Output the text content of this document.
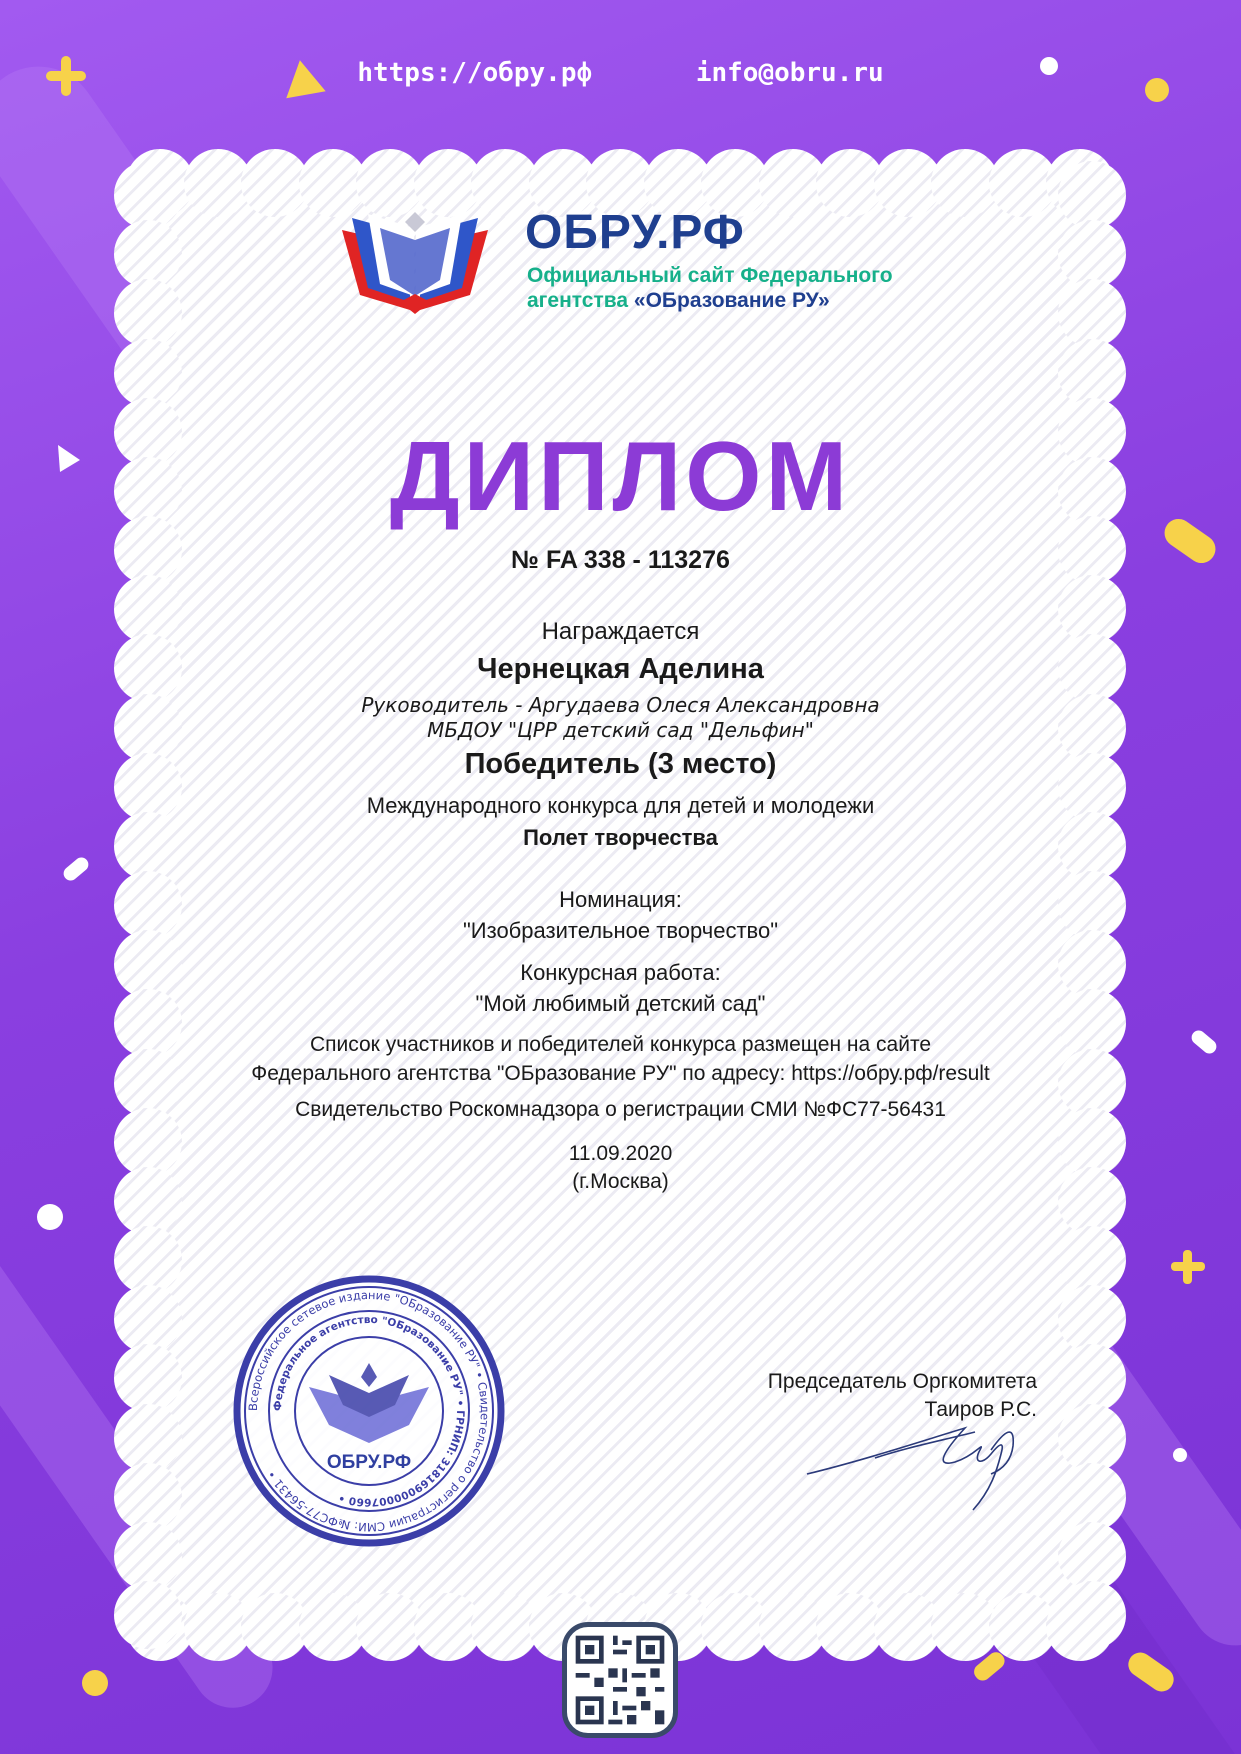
https://обру.рф	info@obru.ru
ОБРУ.РФ
Официальный сайт Федерального
агентства «ОБразование РУ»
ДИПЛОМ
№ FA 338 - 113276
Награждается
Чернецкая Аделина
Руководитель - Аргудаева Олеся Александровна
МБДОУ "ЦРР детский сад "Дельфин"
Победитель (3 место)
Международного конкурса для детей и молодежи
Полет творчества
Номинация:
"Изобразительное творчество"
Конкурсная работа:
"Мой любимый детский сад"
Список участников и победителей конкурса размещен на сайте
Федерального агентства "ОБразование РУ" по адресу: https://обру.рф/result
Свидетельство Роскомнадзора о регистрации СМИ №ФС77-56431
11.09.2020
(г.Москва)
Всероссийское сетевое издание "ОБразование РУ" • Свидетельство о регистрации СМИ: №ФС77-56431 •
Федеральное агентство "ОБразование РУ" • ГРНИП: 318169000007660 •
ОБРУ.РФ
Председатель Оргкомитета
Таиров Р.С.
